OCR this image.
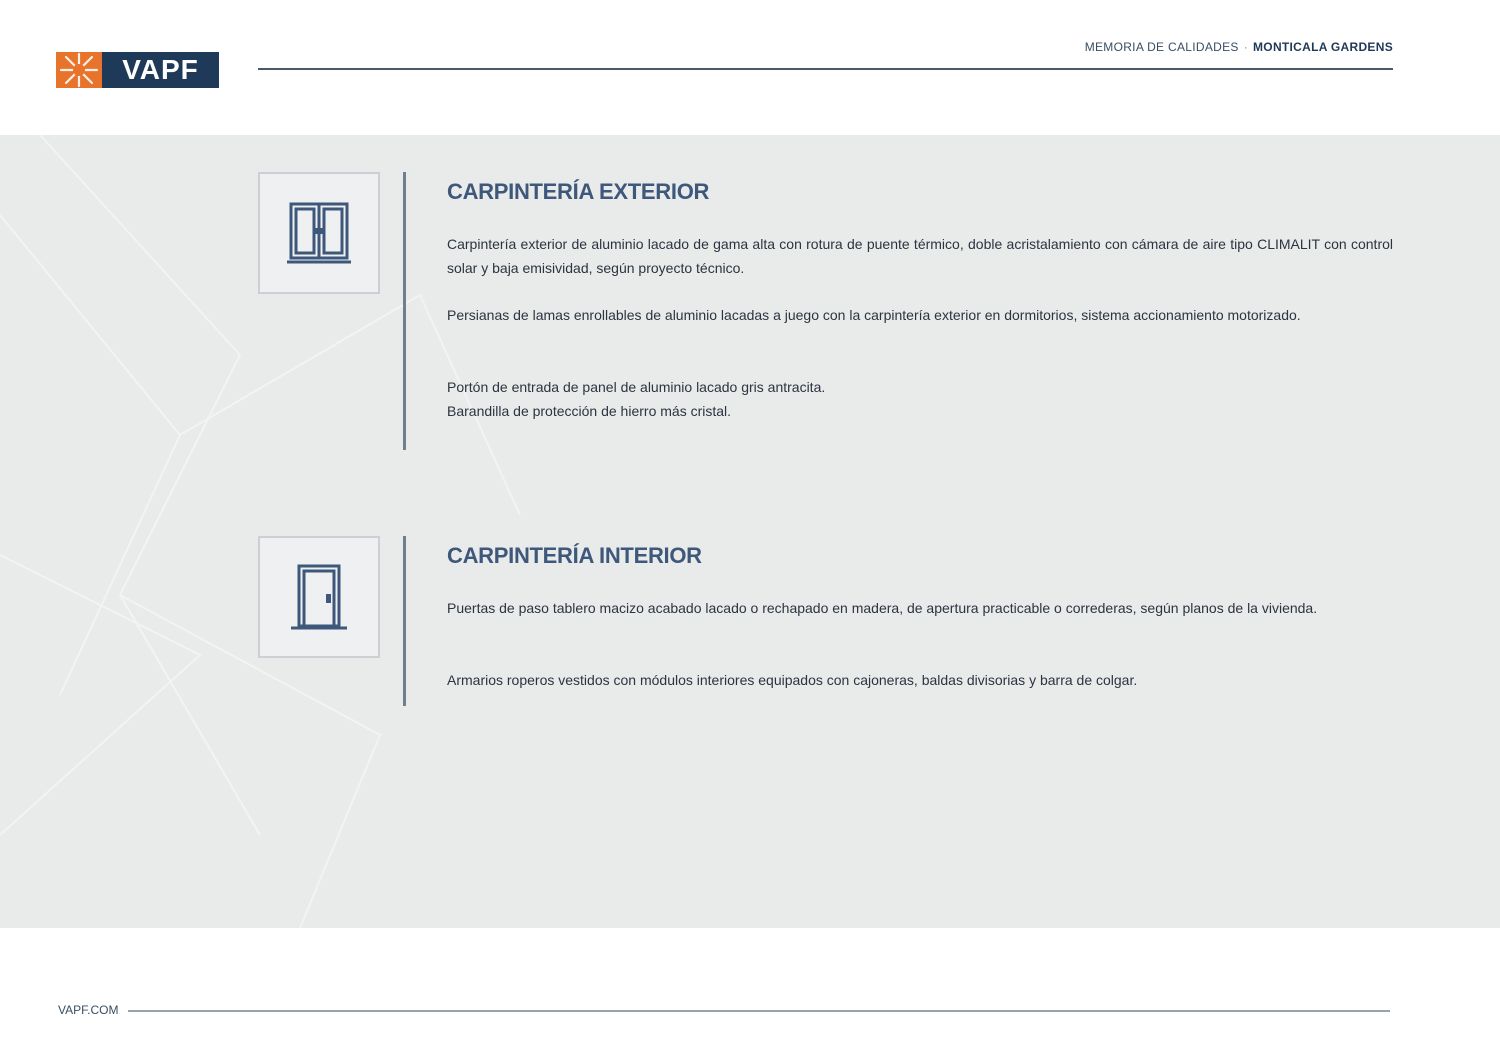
VAPF
MEMORIA DE CALIDADES · MONTICALA GARDENS
CARPINTERÍA EXTERIOR

Carpintería exterior de aluminio lacado de gama alta con rotura de puente térmico, doble acristalamiento con cámara de aire tipo CLIMALIT con control solar y baja emisividad, según proyecto técnico.

Persianas de lamas enrollables de aluminio lacadas a juego con la carpintería exterior en dormitorios, sistema accionamiento motorizado.

Portón de entrada de panel de aluminio lacado gris antracita.
Barandilla de protección de hierro más cristal.

CARPINTERÍA INTERIOR

Puertas de paso tablero macizo acabado lacado o rechapado en madera, de apertura practicable o correderas, según planos de la vivienda.

Armarios roperos vestidos con módulos interiores equipados con cajoneras, baldas divisorias y barra de colgar.

VAPF.COM
